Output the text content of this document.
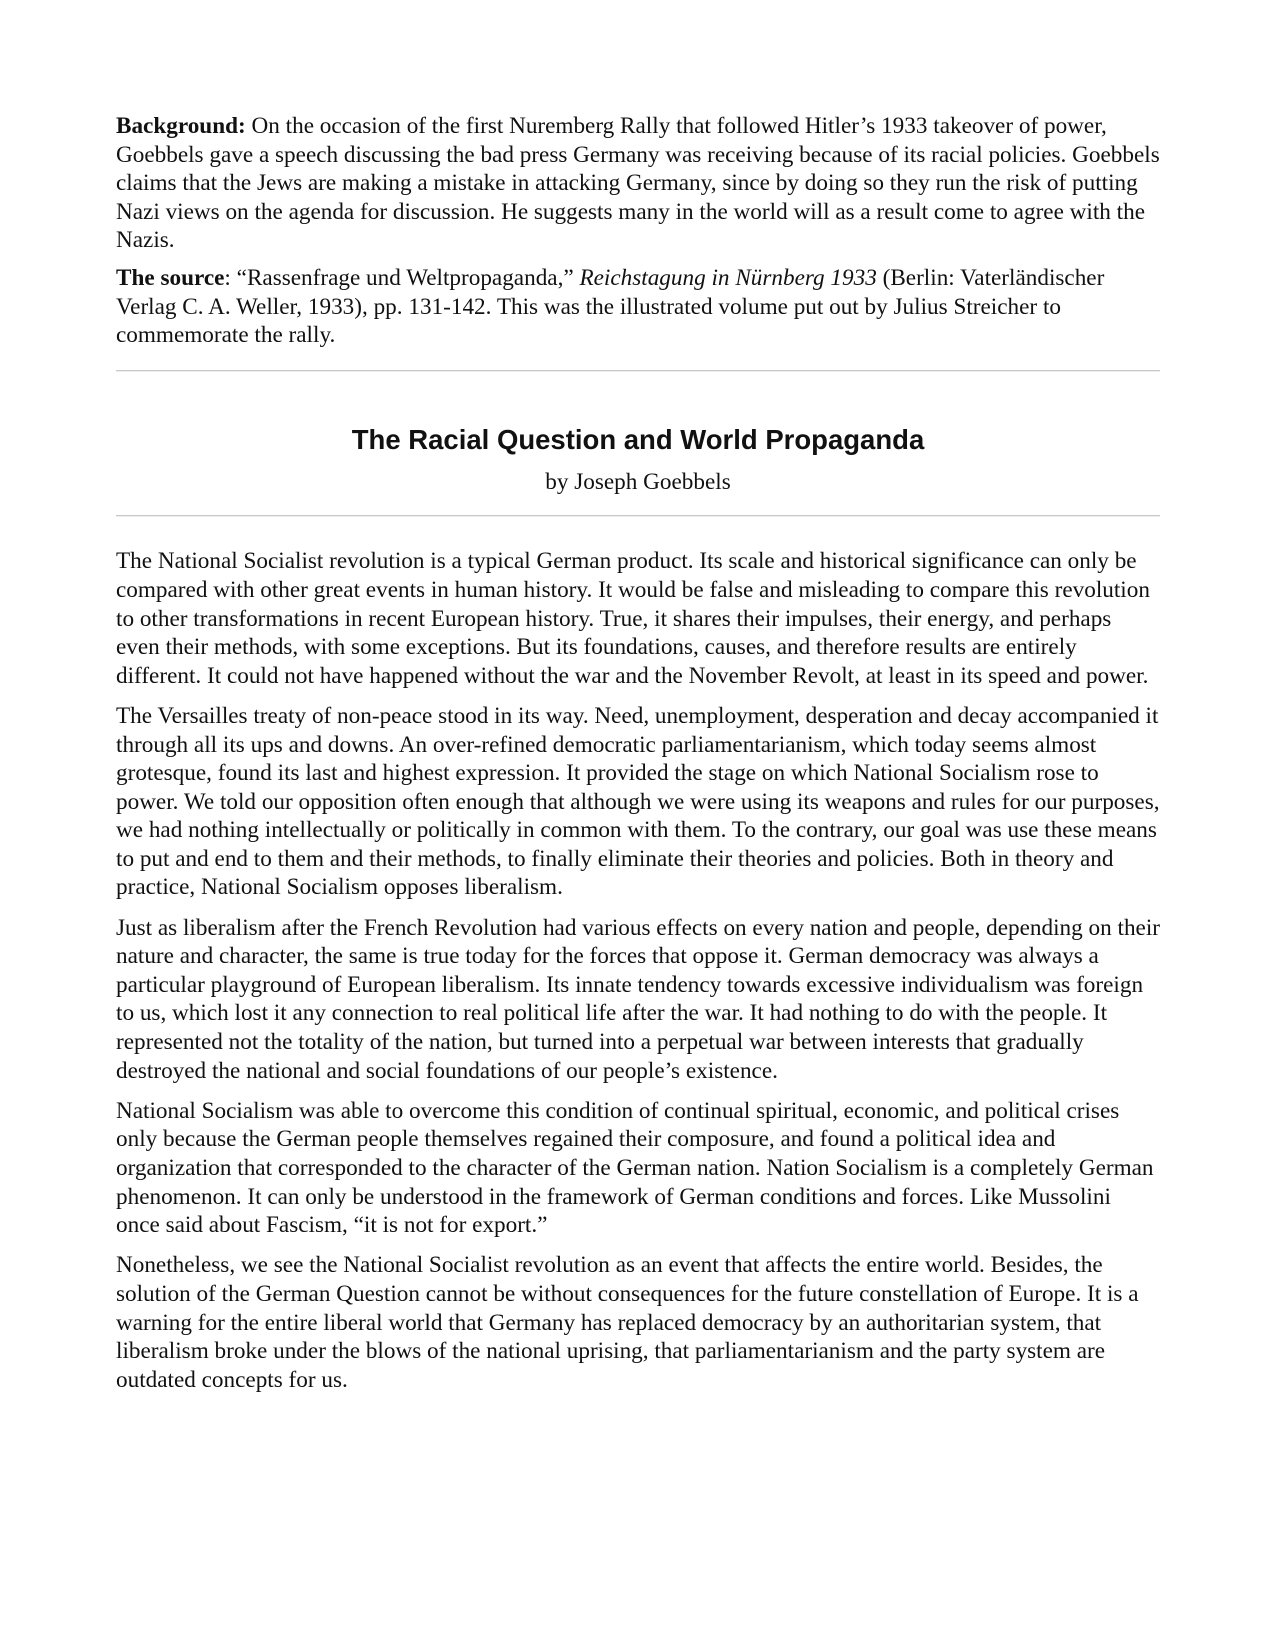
Background: On the occasion of the first Nuremberg Rally that followed Hitler’s 1933 takeover of power, Goebbels gave a speech discussing the bad press Germany was receiving because of its racial policies. Goebbels claims that the Jews are making a mistake in attacking Germany, since by doing so they run the risk of putting Nazi views on the agenda for discussion. He suggests many in the world will as a result come to agree with the Nazis.

The source: “Rassenfrage und Weltpropaganda,” Reichstagung in Nürnberg 1933 (Berlin: Vaterländischer Verlag C. A. Weller, 1933), pp. 131-142. This was the illustrated volume put out by Julius Streicher to commemorate the rally.

The Racial Question and World Propaganda
by Joseph Goebbels

The National Socialist revolution is a typical German product. Its scale and historical significance can only be compared with other great events in human history. It would be false and misleading to compare this revolution to other transformations in recent European history. True, it shares their impulses, their energy, and perhaps even their methods, with some exceptions. But its foundations, causes, and therefore results are entirely different. It could not have happened without the war and the November Revolt, at least in its speed and power.

The Versailles treaty of non-peace stood in its way. Need, unemployment, desperation and decay accompanied it through all its ups and downs. An over-refined democratic parliamentarianism, which today seems almost grotesque, found its last and highest expression. It provided the stage on which National Socialism rose to power. We told our opposition often enough that although we were using its weapons and rules for our purposes, we had nothing intellectually or politically in common with them. To the contrary, our goal was use these means to put and end to them and their methods, to finally eliminate their theories and policies. Both in theory and practice, National Socialism opposes liberalism.

Just as liberalism after the French Revolution had various effects on every nation and people, depending on their nature and character, the same is true today for the forces that oppose it. German democracy was always a particular playground of European liberalism. Its innate tendency towards excessive individualism was foreign to us, which lost it any connection to real political life after the war. It had nothing to do with the people. It represented not the totality of the nation, but turned into a perpetual war between interests that gradually destroyed the national and social foundations of our people’s existence.

National Socialism was able to overcome this condition of continual spiritual, economic, and political crises only because the German people themselves regained their composure, and found a political idea and organization that corresponded to the character of the German nation. Nation Socialism is a completely German phenomenon. It can only be understood in the framework of German conditions and forces. Like Mussolini once said about Fascism, “it is not for export.”

Nonetheless, we see the National Socialist revolution as an event that affects the entire world. Besides, the solution of the German Question cannot be without consequences for the future constellation of Europe. It is a warning for the entire liberal world that Germany has replaced democracy by an authoritarian system, that liberalism broke under the blows of the national uprising, that parliamentarianism and the party system are outdated concepts for us.
